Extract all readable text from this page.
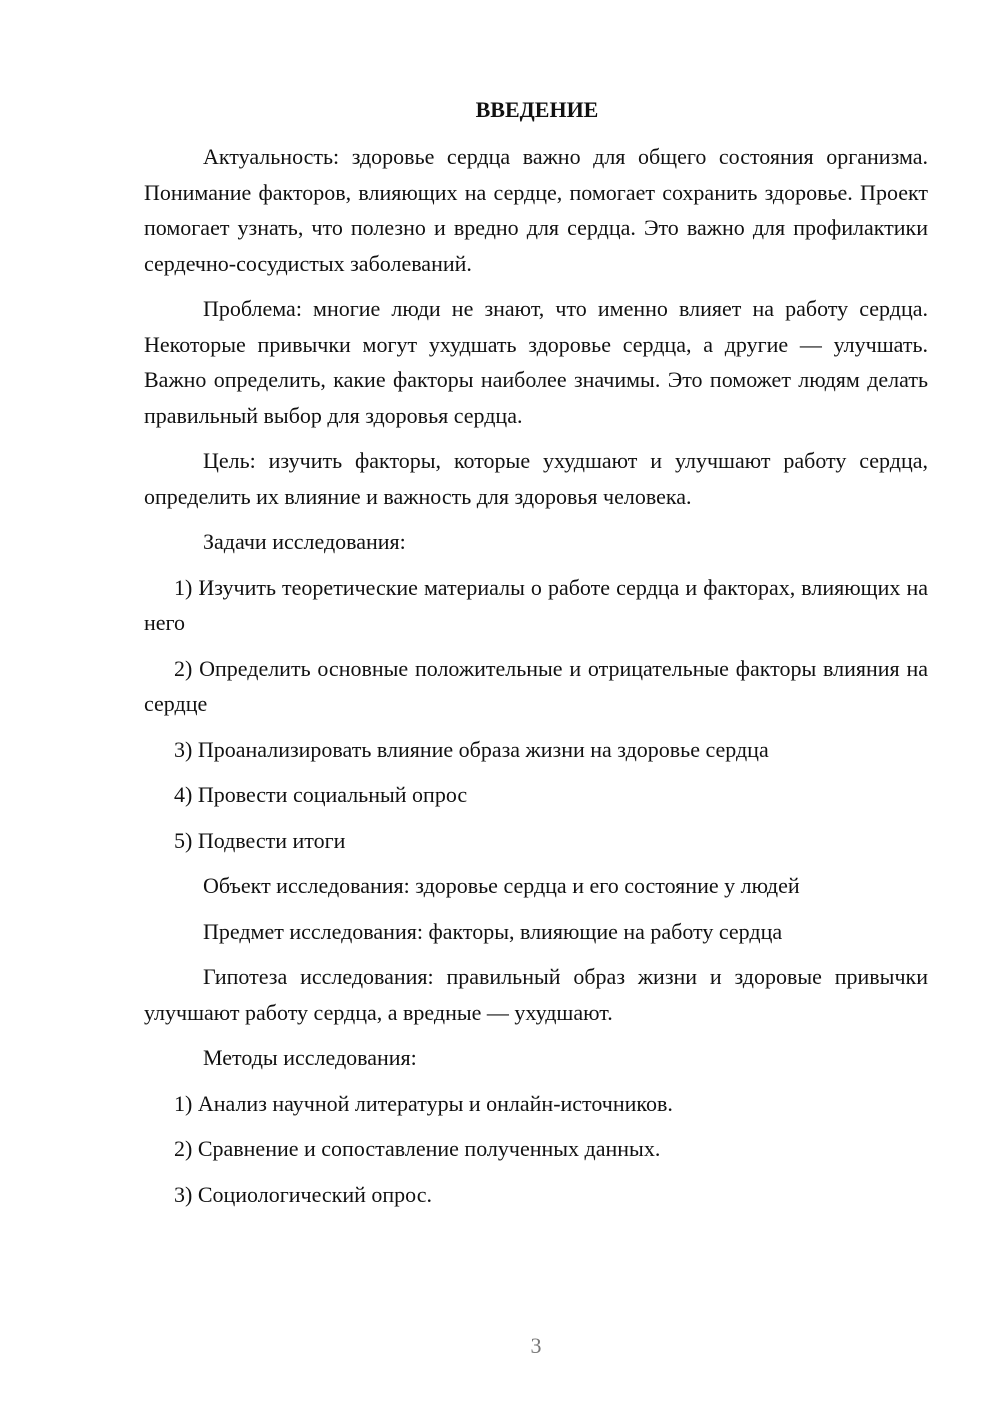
ВВЕДЕНИЕ

Актуальность: здоровье сердца важно для общего состояния организма. Понимание факторов, влияющих на сердце, помогает сохранить здоровье. Проект помогает узнать, что полезно и вредно для сердца. Это важно для профилактики сердечно-сосудистых заболеваний.

Проблема: многие люди не знают, что именно влияет на работу сердца. Некоторые привычки могут ухудшать здоровье сердца, а другие — улучшать. Важно определить, какие факторы наиболее значимы. Это поможет людям делать правильный выбор для здоровья сердца.

Цель: изучить факторы, которые ухудшают и улучшают работу сердца, определить их влияние и важность для здоровья человека.

Задачи исследования:

1) Изучить теоретические материалы о работе сердца и факторах, влияющих на него

2) Определить основные положительные и отрицательные факторы влияния на сердце

3) Проанализировать влияние образа жизни на здоровье сердца

4) Провести социальный опрос

5) Подвести итоги

Объект исследования: здоровье сердца и его состояние у людей

Предмет исследования: факторы, влияющие на работу сердца

Гипотеза исследования: правильный образ жизни и здоровые привычки улучшают работу сердца, а вредные — ухудшают.

Методы исследования:

1) Анализ научной литературы и онлайн-источников.

2) Сравнение и сопоставление полученных данных.

3) Социологический опрос.

3
